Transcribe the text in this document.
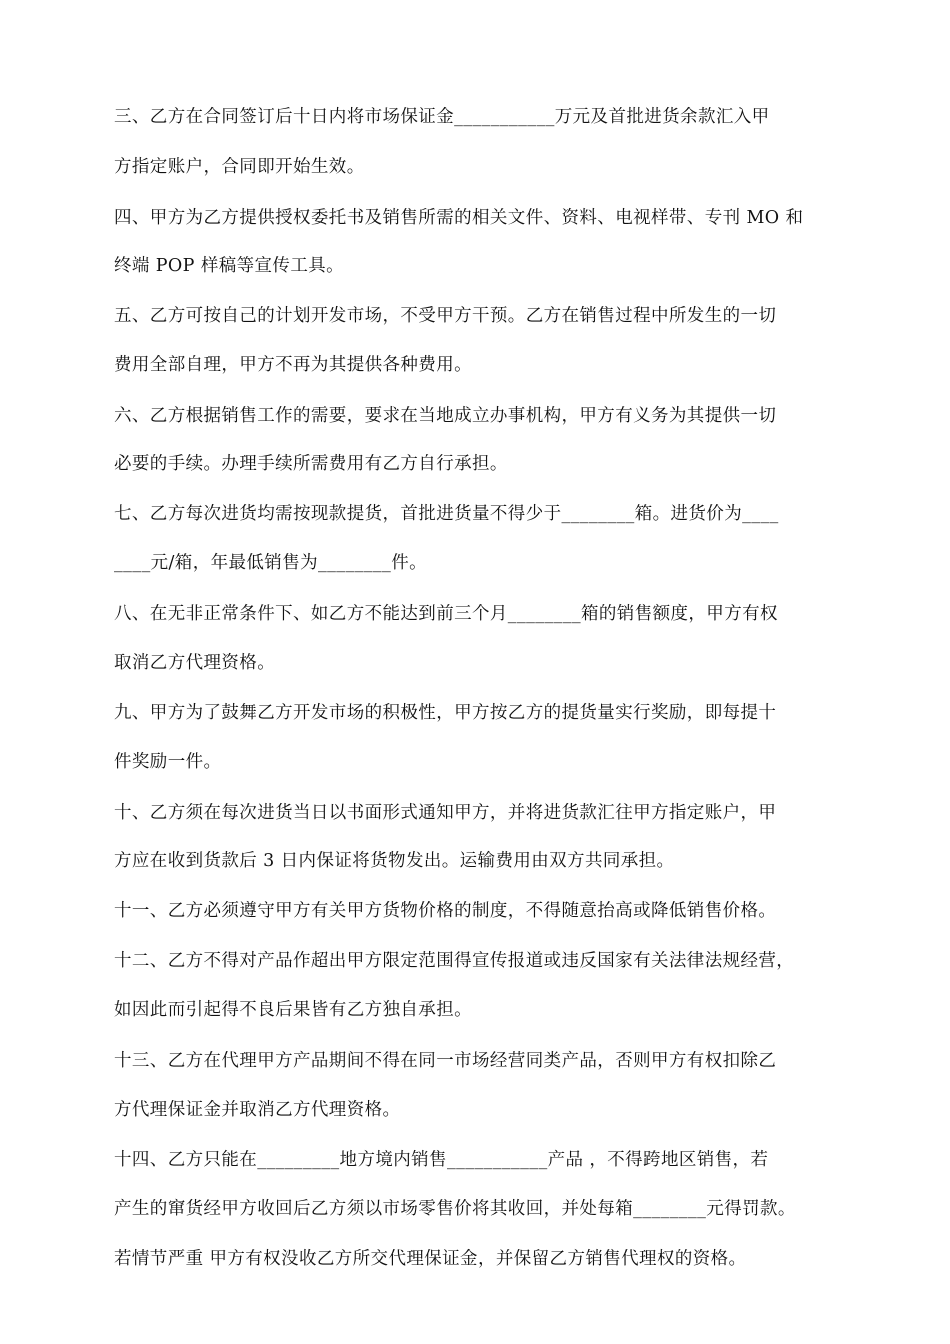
三、乙方在合同签订后十日内将市场保证金___________万元及首批进货余款汇入甲

方指定账户，合同即开始生效。

四、甲方为乙方提供授权委托书及销售所需的相关文件、资料、电视样带、专刊 MO 和

终端 POP 样稿等宣传工具。

五、乙方可按自己的计划开发市场，不受甲方干预。乙方在销售过程中所发生的一切

费用全部自理，甲方不再为其提供各种费用。

六、乙方根据销售工作的需要，要求在当地成立办事机构，甲方有义务为其提供一切

必要的手续。办理手续所需费用有乙方自行承担。

七、乙方每次进货均需按现款提货，首批进货量不得少于________箱。进货价为____

____元/箱，年最低销售为________件。

八、在无非正常条件下、如乙方不能达到前三个月________箱的销售额度，甲方有权

取消乙方代理资格。

九、甲方为了鼓舞乙方开发市场的积极性，甲方按乙方的提货量实行奖励，即每提十

件奖励一件。

十、乙方须在每次进货当日以书面形式通知甲方，并将进货款汇往甲方指定账户，甲

方应在收到货款后 3 日内保证将货物发出。运输费用由双方共同承担。

十一、乙方必须遵守甲方有关甲方货物价格的制度，不得随意抬高或降低销售价格。

十二、乙方不得对产品作超出甲方限定范围得宣传报道或违反国家有关法律法规经营，

如因此而引起得不良后果皆有乙方独自承担。

十三、乙方在代理甲方产品期间不得在同一市场经营同类产品，否则甲方有权扣除乙

方代理保证金并取消乙方代理资格。

十四、乙方只能在_________地方境内销售___________产品 ，不得跨地区销售，若

产生的窜货经甲方收回后乙方须以市场零售价将其收回，并处每箱________元得罚款。

若情节严重 甲方有权没收乙方所交代理保证金，并保留乙方销售代理权的资格。
